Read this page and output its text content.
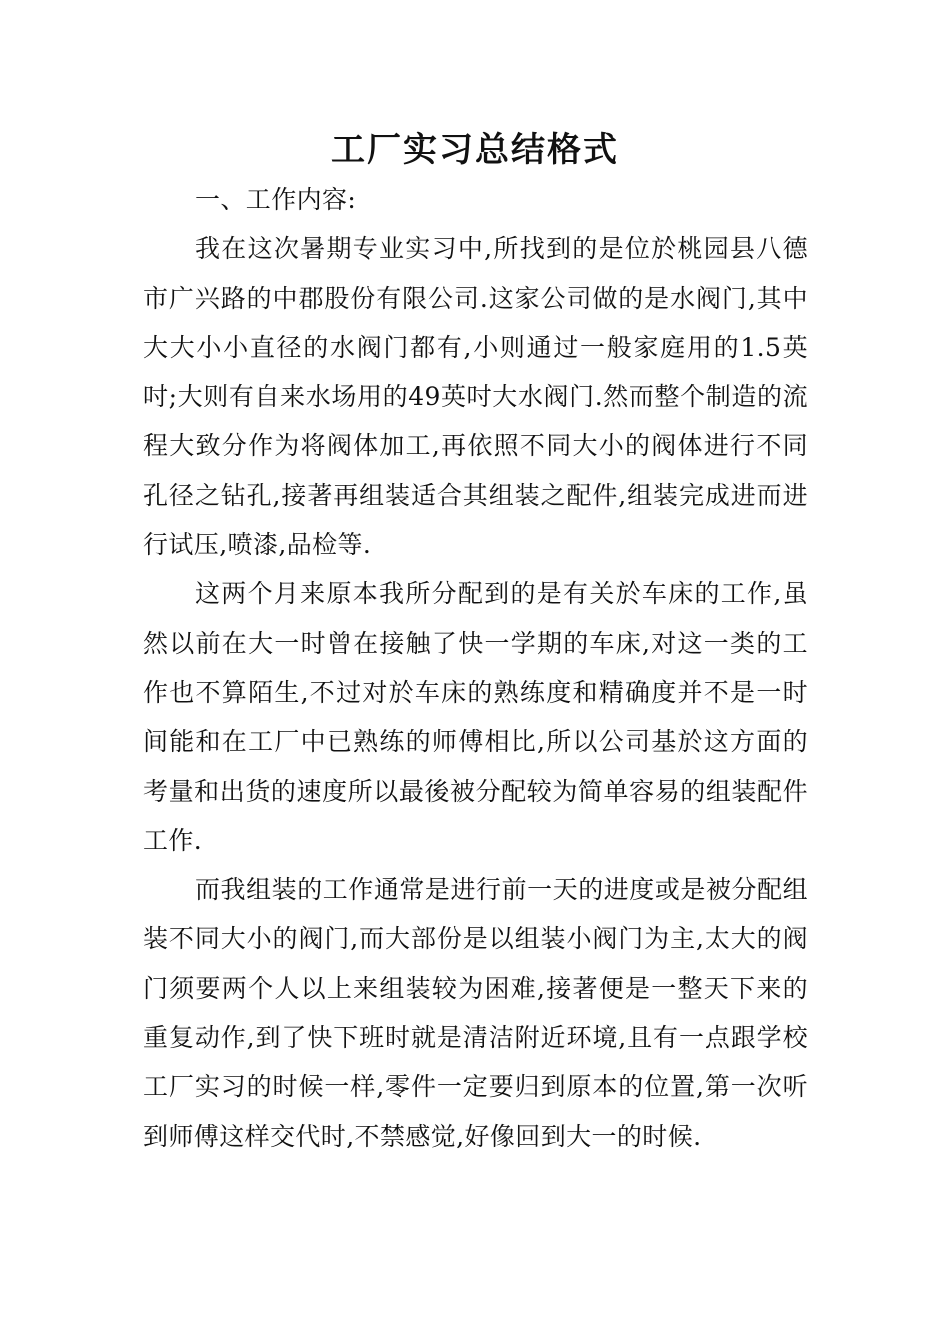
工厂实习总结格式

一、工作内容:

我在这次暑期专业实习中,所找到的是位於桃园县八德市广兴路的中郡股份有限公司.这家公司做的是水阀门,其中大大小小直径的水阀门都有,小则通过一般家庭用的1.5英吋;大则有自来水场用的49英吋大水阀门.然而整个制造的流程大致分作为将阀体加工,再依照不同大小的阀体进行不同孔径之钻孔,接著再组装适合其组装之配件,组装完成进而进行试压,喷漆,品检等.

这两个月来原本我所分配到的是有关於车床的工作,虽然以前在大一时曾在接触了快一学期的车床,对这一类的工作也不算陌生,不过对於车床的熟练度和精确度并不是一时间能和在工厂中已熟练的师傅相比,所以公司基於这方面的考量和出货的速度所以最後被分配较为简单容易的组装配件工作.

而我组装的工作通常是进行前一天的进度或是被分配组装不同大小的阀门,而大部份是以组装小阀门为主,太大的阀门须要两个人以上来组装较为困难,接著便是一整天下来的重复动作,到了快下班时就是清洁附近环境,且有一点跟学校工厂实习的时候一样,零件一定要归到原本的位置,第一次听到师傅这样交代时,不禁感觉,好像回到大一的时候.
